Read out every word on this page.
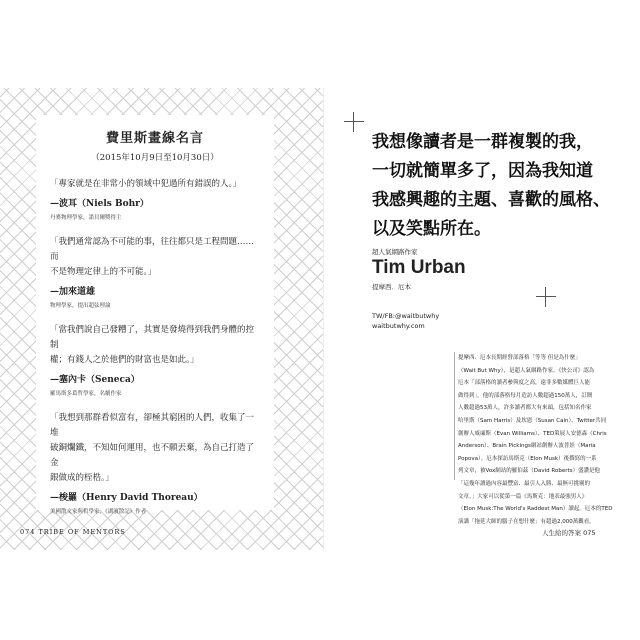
費里斯畫線名言
（2015年10月9日至10月30日）
「專家就是在非常小的領域中犯過所有錯誤的人。」
—波耳（Niels Bohr）
丹麥物理學家，諾貝爾獎得主
「我們通常認為不可能的事，往往都只是工程問題……而
不是物理定律上的不可能。」
—加來道雄
物理學家，提出超弦理論
「當我們說自己發糟了，其實是發燒得到我們身體的控制
權；有錢人之於他們的財富也是如此。」
—塞內卡（Seneca）
羅馬斯多葛哲學家，名劇作家
「我想到那群看似富有，卻極其窮困的人們，收集了一堆
破銅爛鐵，不知如何運用，也不願丟棄，為自己打造了金
銀做成的桎梏。」
—梭羅（Henry David Thoreau）
美國散文家與哲學家，《湖濱散記》作者
074 TRIBE OF MENTORS	人生給的答案 075
我想像讀者是一群複製的我，
一切就簡單多了，因為我知道
我感興趣的主題、喜歡的風格、
以及笑點所在。
超人氣網路作家
Tim Urban
提摩西．厄本
TW/FB:@waitbutwhy
waitbutwhy.com
提摩西．厄本長期經營部落格「等等 但是為什麼」
（Wait But Why），是超人氣網路作家。《快公司》認為
厄本「部落格的讀者參與度之高，遠非多數媒體巨人能
做得到」。他的部落格每月造訪人數超過150萬人，訂閱
人數超過53萬人，許多讀者都大有來頭，包括知名作家
哈里斯（Sam Harris）及坎恩（Susan Cain）、Twitter共同
創辦人威廉斯（Evan Williams）、TED策展人安德森（Chris
Anderson）、Brain Pickings網站創辦人波普娃（Maria
Popova）。厄本探訪馬斯克（Elon Musk）後撰寫的一系
列文章，被Vox網站的羅伯茲（David Roberts）盛讚是他
「這幾年讀過內容最豐富、最引人入勝、最無可挑剔的
文章。」大家可以從第一篇《馬斯克：地表最強男人》
（Elon Musk:The World's Raddest Man）讀起。厄本的TED
演講「拖延大師的腦子在想什麼」有超過2,000萬觀看。
